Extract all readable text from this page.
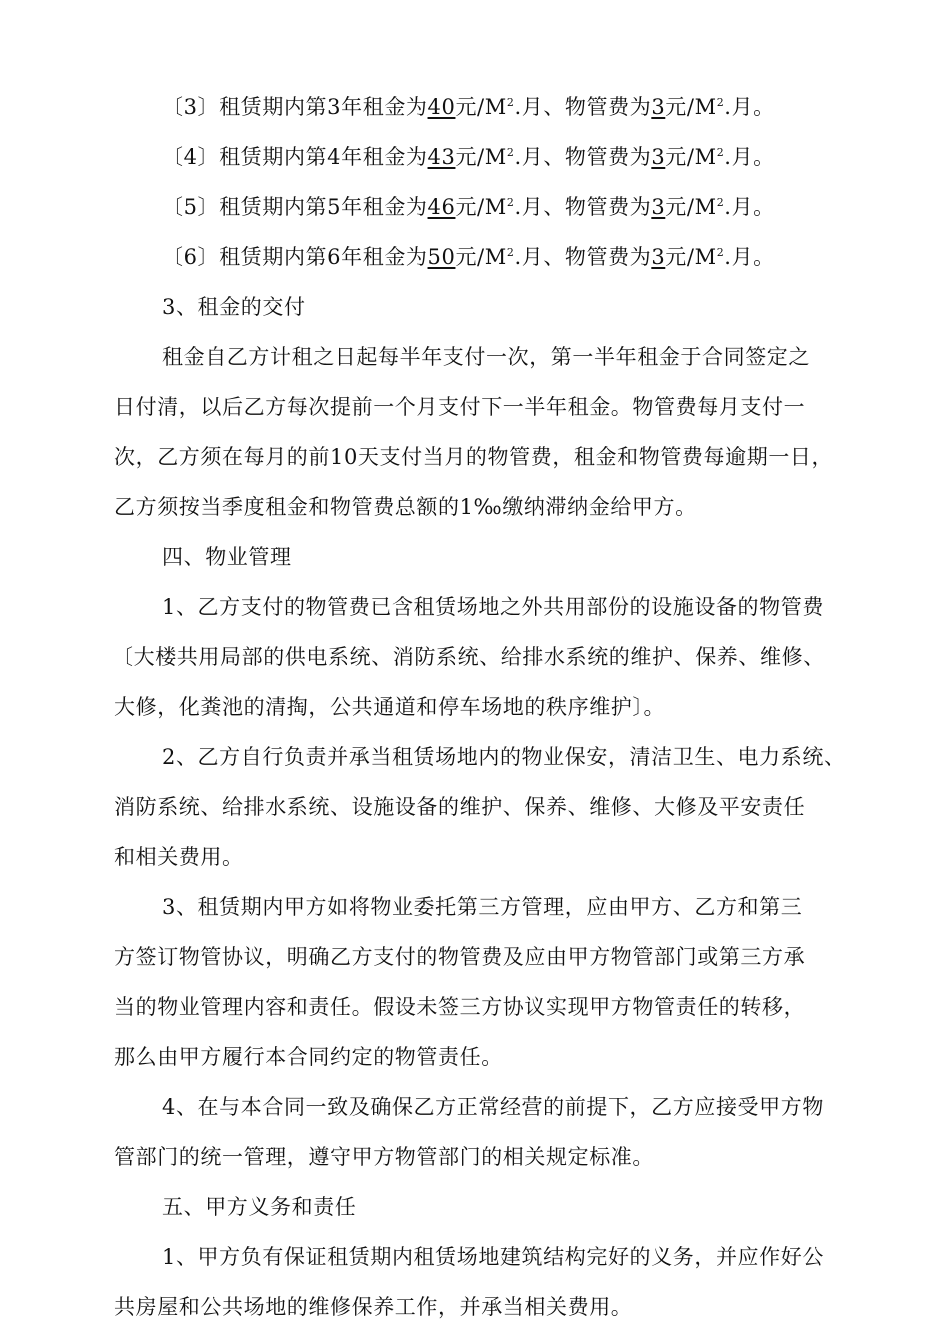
〔3〕租赁期内第3年租金为40元$/M^2$.月、物管费为3元$/M^2$.月。
〔4〕租赁期内第4年租金为43元$/M^2$.月、物管费为3元$/M^2$.月。
〔5〕租赁期内第5年租金为46元$/M^2$.月、物管费为3元$/M^2$.月。
〔6〕租赁期内第6年租金为50元$/M^2$.月、物管费为3元$/M^2$.月。
3、租金的交付
租金自乙方计租之日起每半年支付一次，第一半年租金于合同签定之
日付清，以后乙方每次提前一个月支付下一半年租金。物管费每月支付一
次，乙方须在每月的前10天支付当月的物管费，租金和物管费每逾期一日，
乙方须按当季度租金和物管费总额的1‰缴纳滞纳金给甲方。
四、物业管理
1、乙方支付的物管费已含租赁场地之外共用部份的设施设备的物管费
〔大楼共用局部的供电系统、消防系统、给排水系统的维护、保养、维修、
大修，化粪池的清掏，公共通道和停车场地的秩序维护〕。
2、乙方自行负责并承当租赁场地内的物业保安，清洁卫生、电力系统、
消防系统、给排水系统、设施设备的维护、保养、维修、大修及平安责任
和相关费用。
3、租赁期内甲方如将物业委托第三方管理，应由甲方、乙方和第三
方签订物管协议，明确乙方支付的物管费及应由甲方物管部门或第三方承
当的物业管理内容和责任。假设未签三方协议实现甲方物管责任的转移，
那么由甲方履行本合同约定的物管责任。
4、在与本合同一致及确保乙方正常经营的前提下，乙方应接受甲方物
管部门的统一管理，遵守甲方物管部门的相关规定标准。
五、甲方义务和责任
1、甲方负有保证租赁期内租赁场地建筑结构完好的义务，并应作好公
共房屋和公共场地的维修保养工作，并承当相关费用。
